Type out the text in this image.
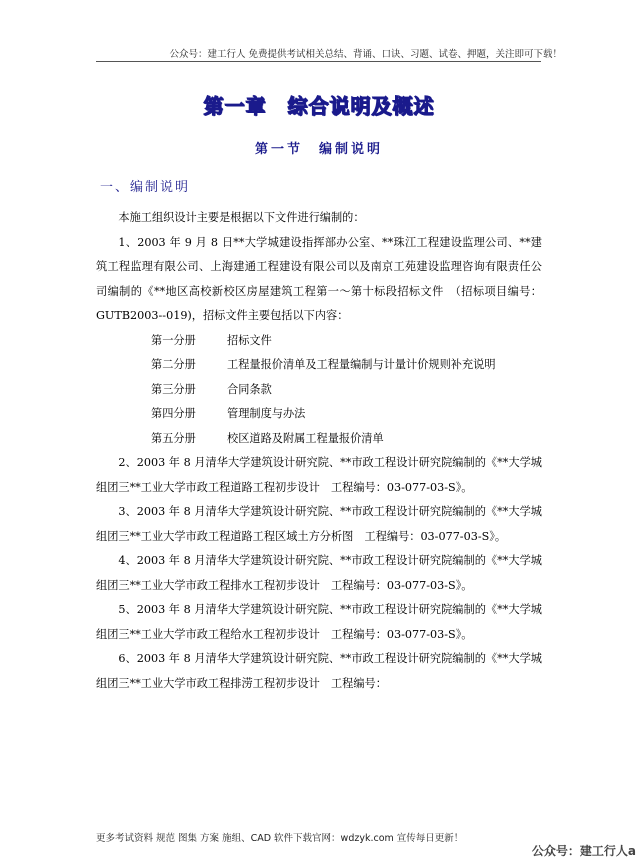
公众号：建工行人 免费提供考试相关总结、背诵、口诀、习题、试卷、押题，关注即可下载！
第一章　综合说明及概述
第一节　编制说明
一、编制说明

本施工组织设计主要是根据以下文件进行编制的：

1、2003 年 9 月 8 日**大学城建设指挥部办公室、**珠江工程建设监理公司、**建筑工程监理有限公司、上海建通工程建设有限公司以及南京工苑建设监理咨询有限责任公司编制的《**地区高校新校区房屋建筑工程第一～第十标段招标文件　（招标项目编号：GUTB2003--019)，招标文件主要包括以下内容：

第一分册	招标文件
第二分册	工程量报价清单及工程量编制与计量计价规则补充说明
第三分册	合同条款
第四分册	管理制度与办法
第五分册	校区道路及附属工程量报价清单

2、2003 年 8 月清华大学建筑设计研究院、**市政工程设计研究院编制的《**大学城组团三**工业大学市政工程道路工程初步设计　工程编号：03-077-03-S》。

3、2003 年 8 月清华大学建筑设计研究院、**市政工程设计研究院编制的《**大学城组团三**工业大学市政工程道路工程区域土方分析图　工程编号：03-077-03-S》。

4、2003 年 8 月清华大学建筑设计研究院、**市政工程设计研究院编制的《**大学城组团三**工业大学市政工程排水工程初步设计　工程编号：03-077-03-S》。

5、2003 年 8 月清华大学建筑设计研究院、**市政工程设计研究院编制的《**大学城组团三**工业大学市政工程给水工程初步设计　工程编号：03-077-03-S》。

6、2003 年 8 月清华大学建筑设计研究院、**市政工程设计研究院编制的《**大学城组团三**工业大学市政工程排涝工程初步设计　工程编号：

更多考试资料 规范 图集 方案 施组、CAD 软件下载官网：wdzyk.com 宣传每日更新！
公众号：建工行人a
